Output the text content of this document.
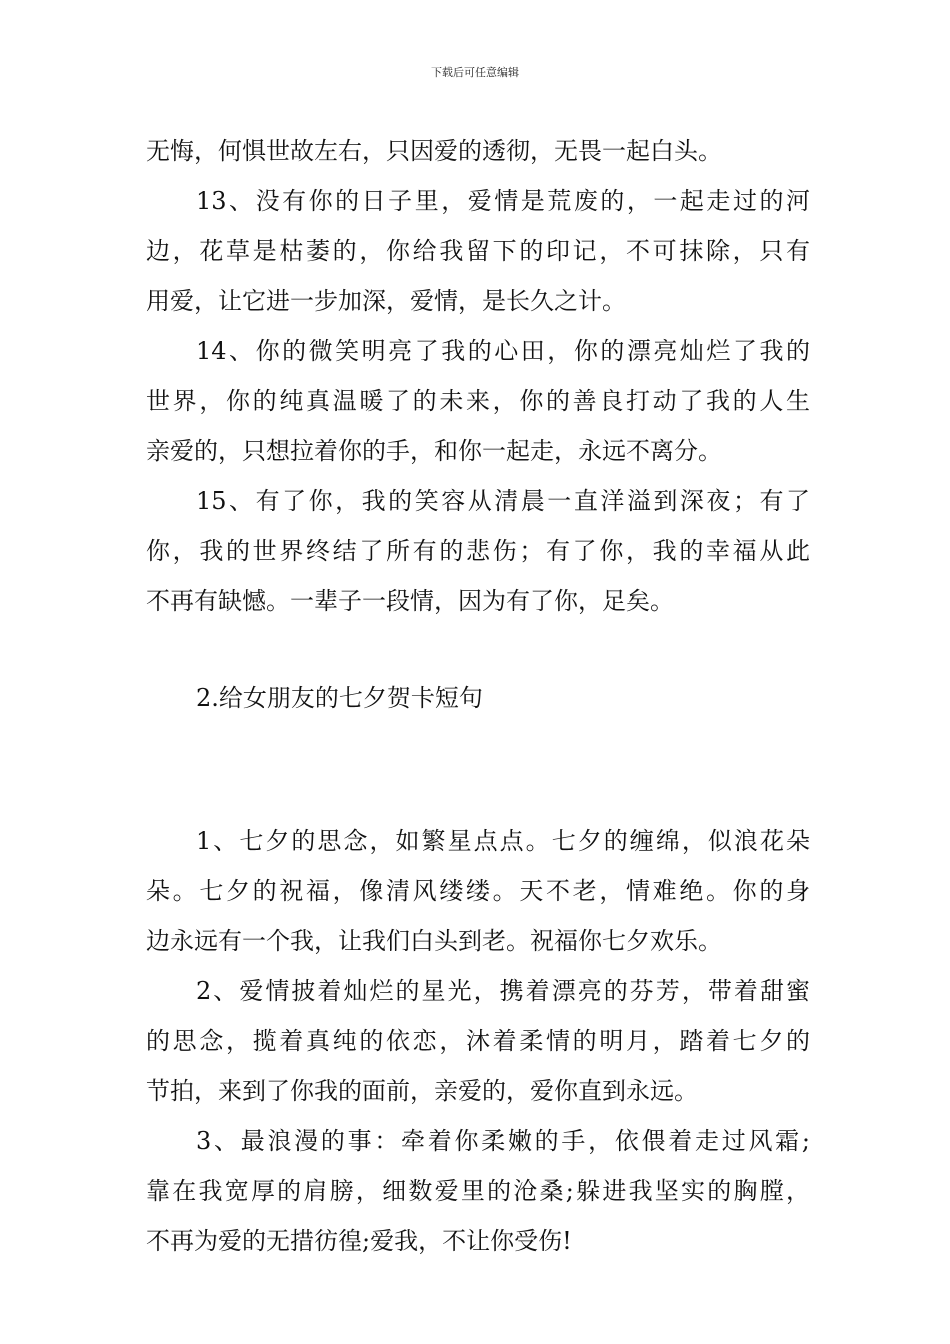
下载后可任意编辑
无悔，何惧世故左右，只因爱的透彻，无畏一起白头。
13、没有你的日子里，爱情是荒废的，一起走过的河
边，花草是枯萎的，你给我留下的印记，不可抹除，只有
用爱，让它进一步加深，爱情，是长久之计。
14、你的微笑明亮了我的心田，你的漂亮灿烂了我的
世界，你的纯真温暖了的未来，你的善良打动了我的人生
亲爱的，只想拉着你的手，和你一起走，永远不离分。
15、有了你，我的笑容从清晨一直洋溢到深夜；有了
你，我的世界终结了所有的悲伤；有了你，我的幸福从此
不再有缺憾。一辈子一段情，因为有了你，足矣。
2.给女朋友的七夕贺卡短句
1、七夕的思念，如繁星点点。七夕的缠绵，似浪花朵
朵。七夕的祝福，像清风缕缕。天不老，情难绝。你的身
边永远有一个我，让我们白头到老。祝福你七夕欢乐。
2、爱情披着灿烂的星光，携着漂亮的芬芳，带着甜蜜
的思念，揽着真纯的依恋，沐着柔情的明月，踏着七夕的
节拍，来到了你我的面前，亲爱的，爱你直到永远。
3、最浪漫的事：牵着你柔嫩的手，依偎着走过风霜;
靠在我宽厚的肩膀，细数爱里的沧桑;躲进我坚实的胸膛，
不再为爱的无措彷徨;爱我，不让你受伤!
